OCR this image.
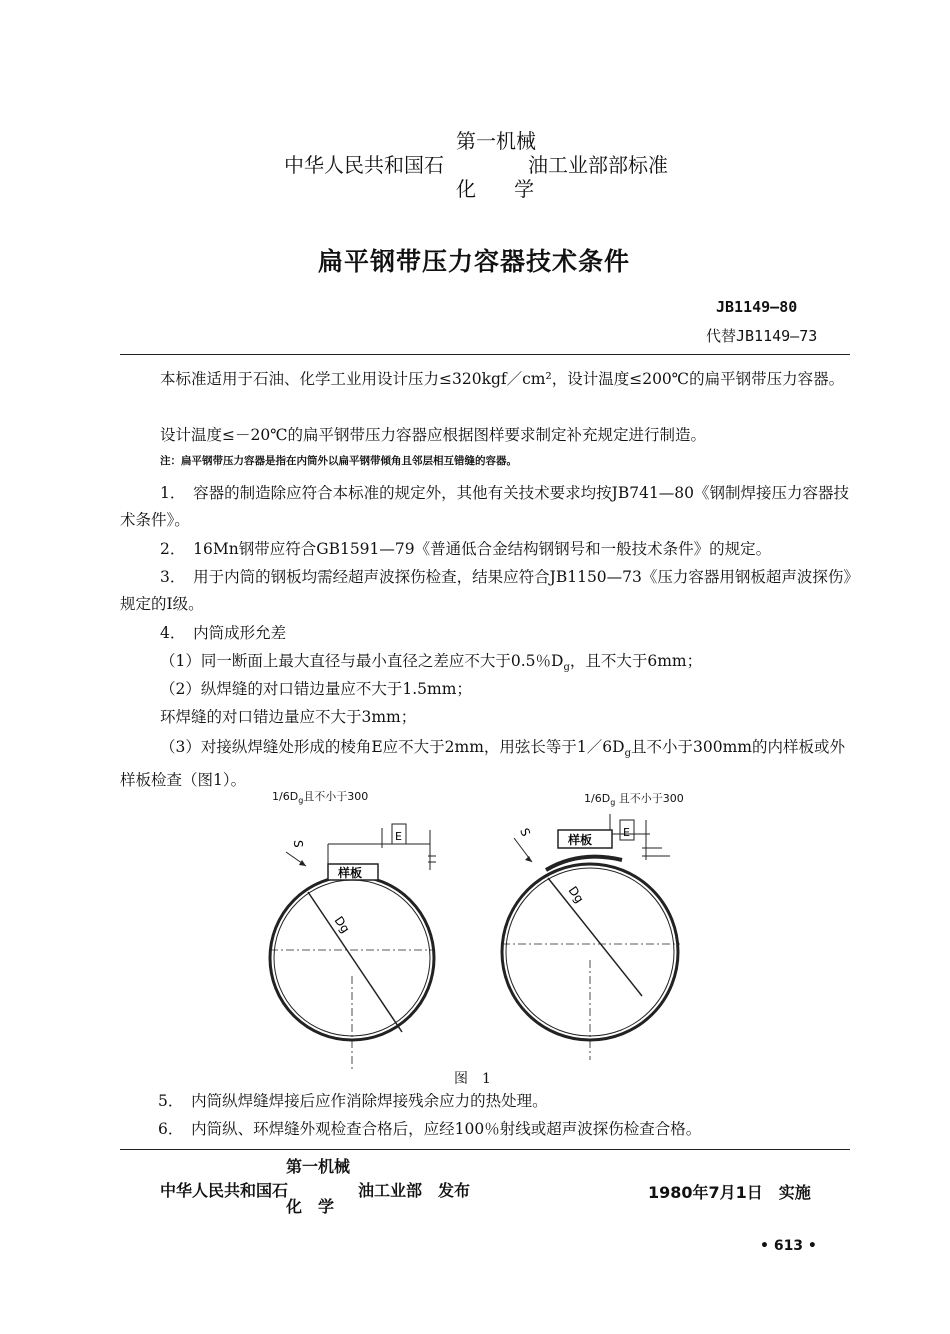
第一机械
中华人民共和国石	油工业部部标准
化      学
扁平钢带压力容器技术条件
JB1149—80
代替JB1149—73
本标准适用于石油、化学工业用设计压力≤320kgf／cm²，设计温度≤200℃的扁平钢带压力容器。
设计温度≤－20℃的扁平钢带压力容器应根据图样要求制定补充规定进行制造。
注：扁平钢带压力容器是指在内筒外以扁平钢带倾角且邻层相互错缝的容器。
1．　容器的制造除应符合本标准的规定外，其他有关技术要求均按JB741—80《钢制焊接压力容器技术条件》。
2．　16Mn钢带应符合GB1591—79《普通低合金结构钢钢号和一般技术条件》的规定。
3．　用于内筒的钢板均需经超声波探伤检查，结果应符合JB1150—73《压力容器用钢板超声波探伤》规定的Ⅰ级。
4．　内筒成形允差
（1）同一断面上最大直径与最小直径之差应不大于0.5％$D_g$，且不大于6mm；
（2）纵焊缝的对口错边量应不大于1.5mm；
环焊缝的对口错边量应不大于3mm；
（3）对接纵焊缝处形成的棱角E应不大于2mm，用弦长等于$1/6D_g$且不小于300mm的内样板或外样板检查（图1）。
$1/6D_g$且不小于300	$1/6D_g$ 且不小于300
E
样板
Dg
S
E
样板
Dg
S
图　1
5．　内筒纵焊缝焊接后应作消除焊接残余应力的热处理。
6．　内筒纵、环焊缝外观检查合格后，应经100％射线或超声波探伤检查合格。
第一机械
中华人民共和国石	油工业部　发布
化　学
1980年7月1日　实施
• 613 •
